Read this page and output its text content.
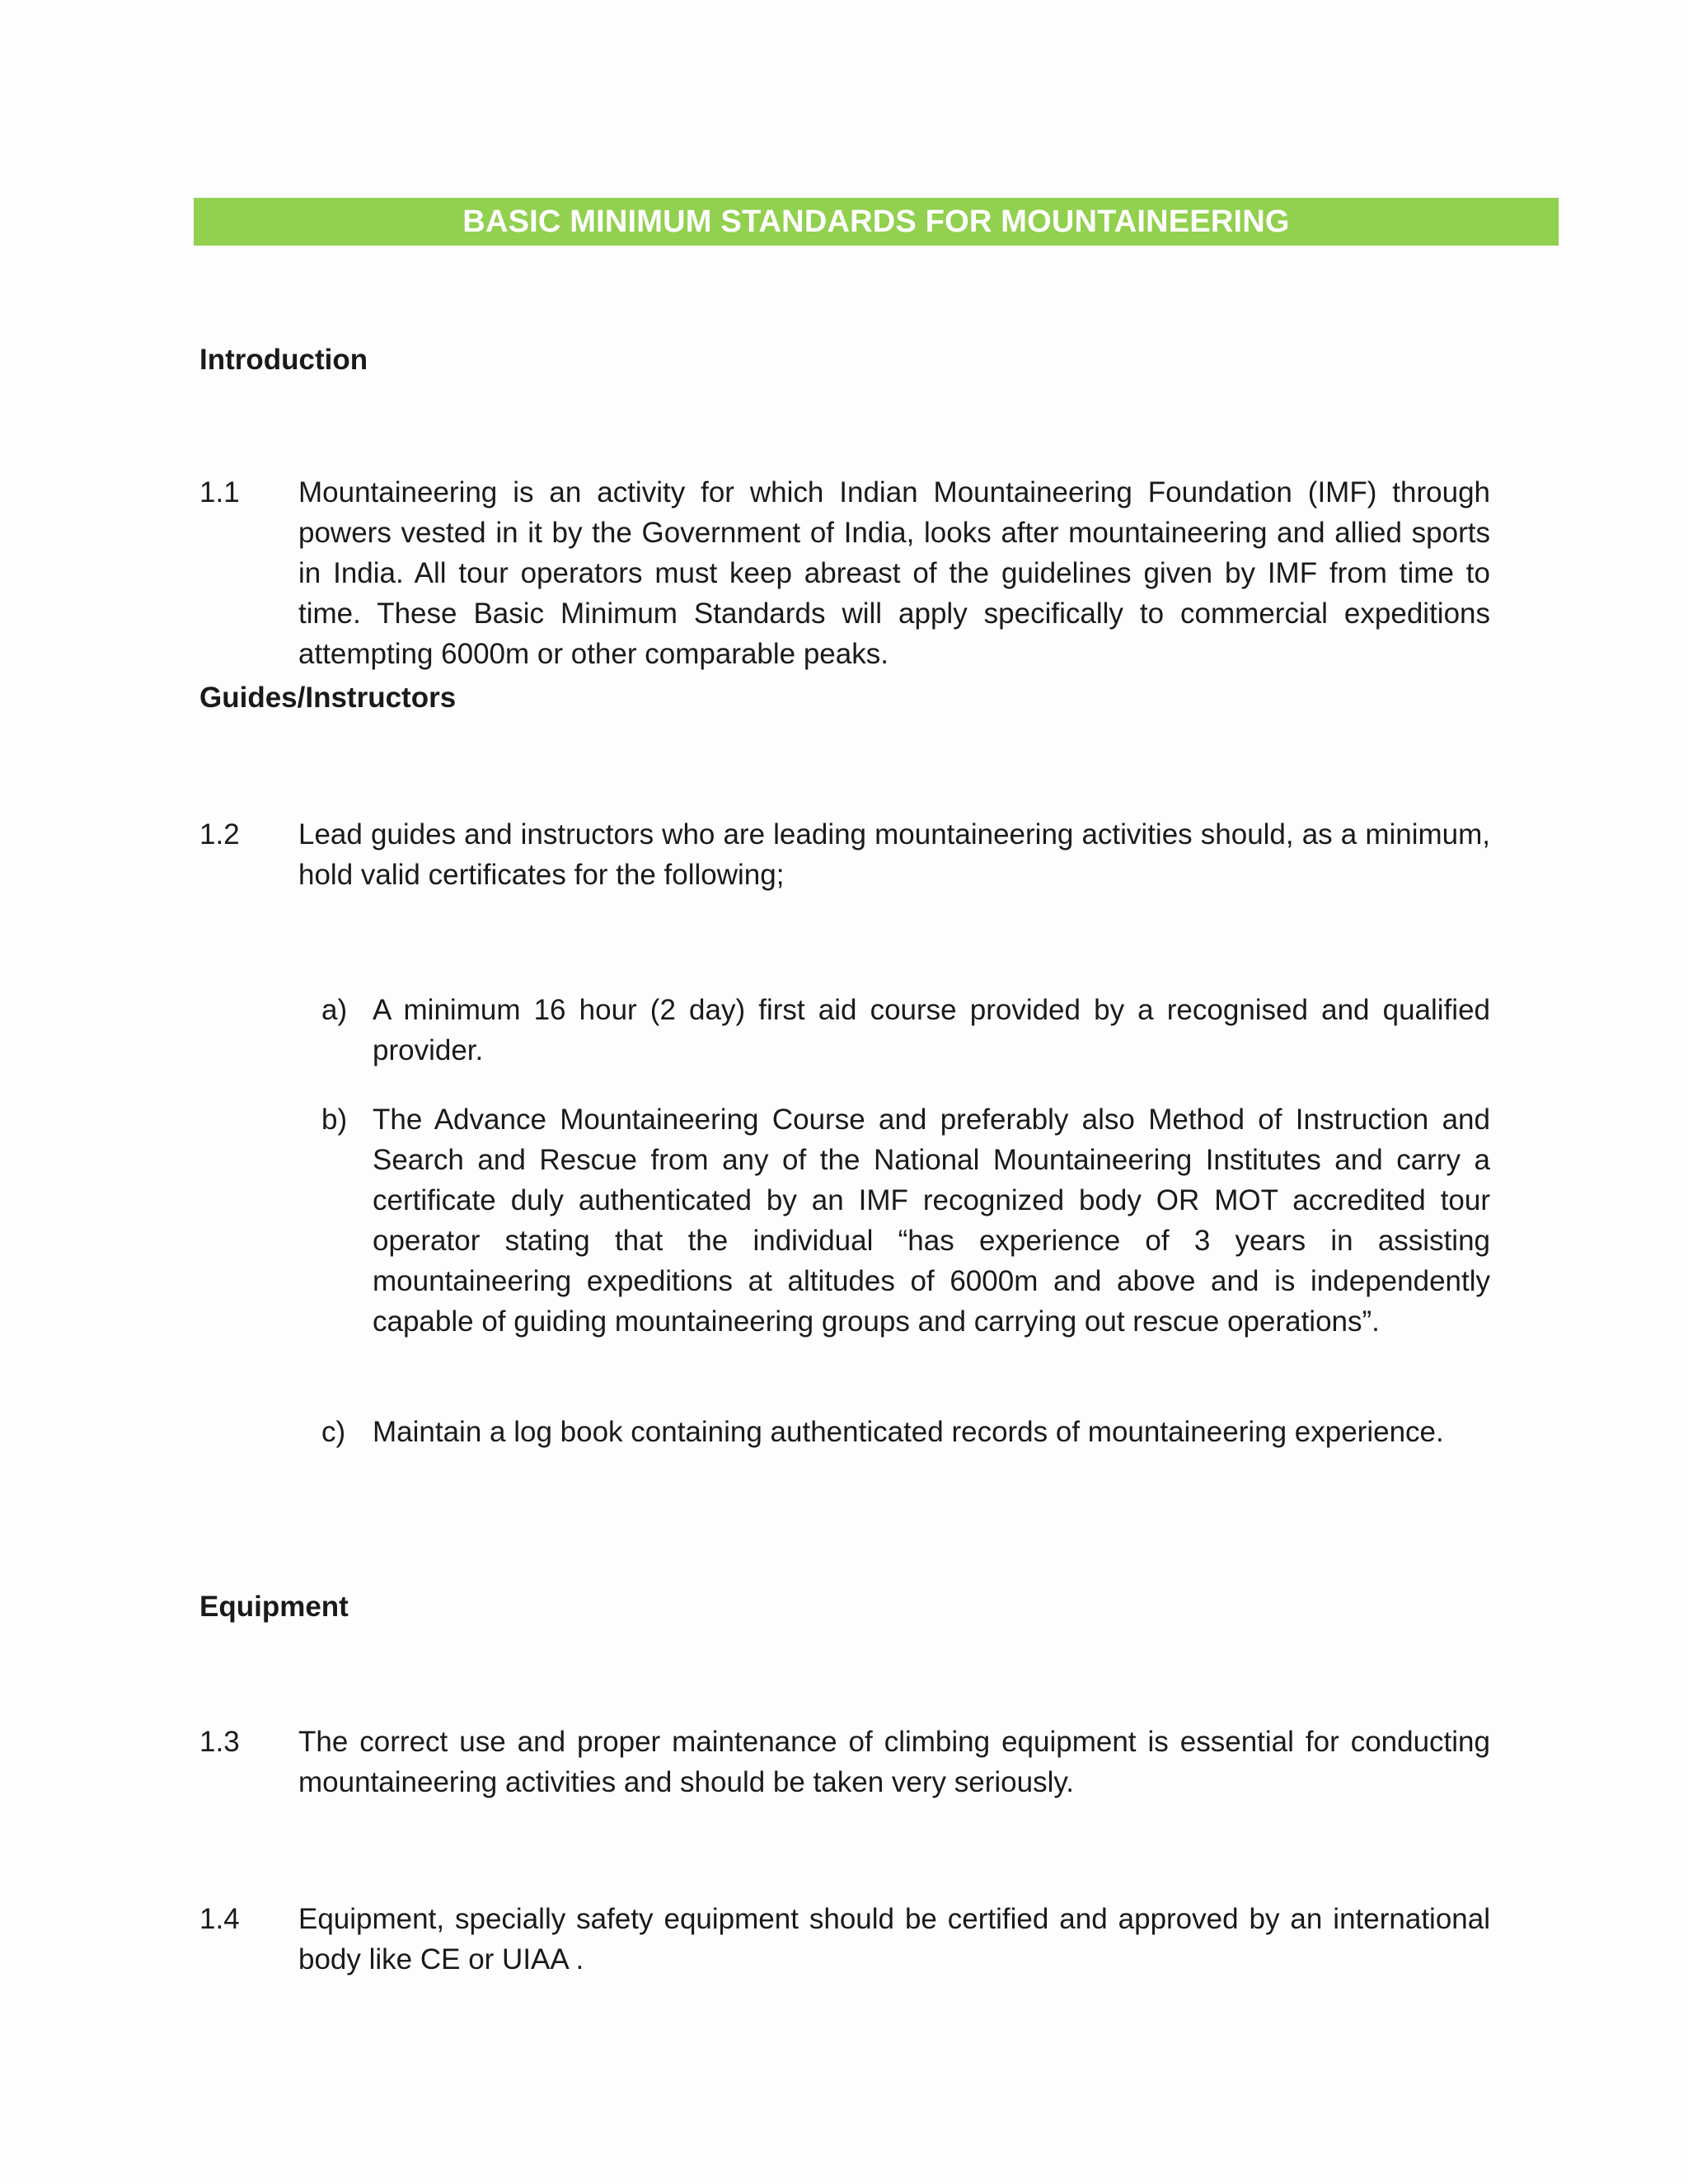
BASIC MINIMUM STANDARDS FOR MOUNTAINEERING
Introduction
1.1 Mountaineering is an activity for which Indian Mountaineering Foundation (IMF) through powers vested in it by the Government of India, looks after mountaineering and allied sports in India. All tour operators must keep abreast of the guidelines given by IMF from time to time. These Basic Minimum Standards will apply specifically to commercial expeditions attempting 6000m or other comparable peaks.
Guides/Instructors
1.2 Lead guides and instructors who are leading mountaineering activities should, as a minimum, hold valid certificates for the following;
a) A minimum 16 hour (2 day) first aid course provided by a recognised and qualified provider.
b) The Advance Mountaineering Course and preferably also Method of Instruction and Search and Rescue from any of the National Mountaineering Institutes and carry a certificate duly authenticated by an IMF recognized body OR MOT accredited tour operator stating that the individual “has experience of 3 years in assisting mountaineering expeditions at altitudes of 6000m and above and is independently capable of guiding mountaineering groups and carrying out rescue operations”.
c) Maintain a log book containing authenticated records of mountaineering experience.
Equipment
1.3 The correct use and proper maintenance of climbing equipment is essential for conducting mountaineering activities and should be taken very seriously.
1.4 Equipment, specially safety equipment should be certified and approved by an international body like CE or UIAA .
